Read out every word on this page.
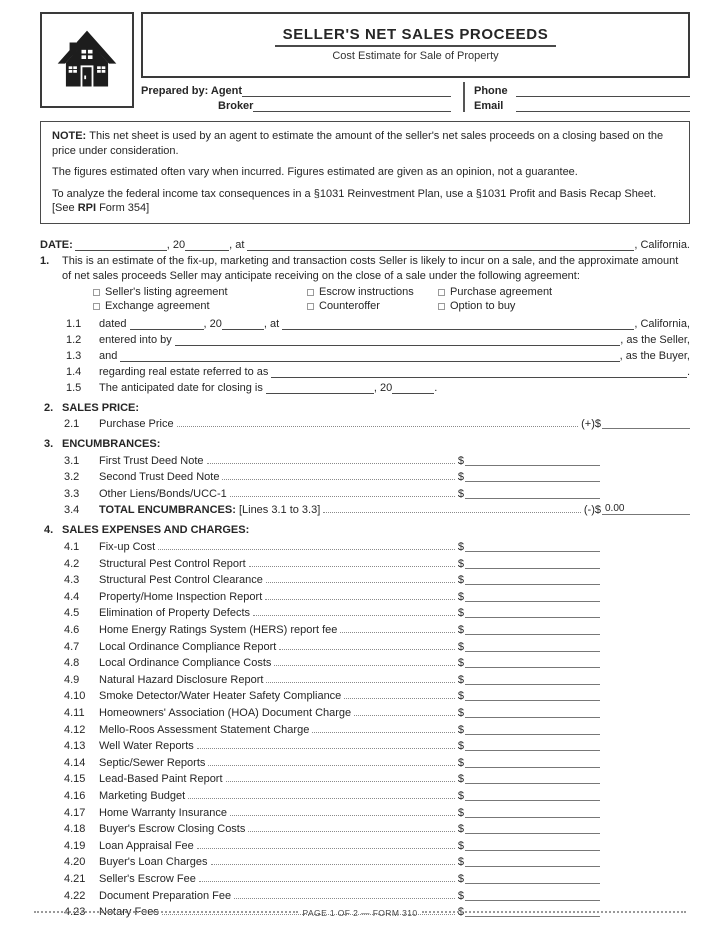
SELLER'S NET SALES PROCEEDS
Cost Estimate for Sale of Property
Prepared by: Agent
Broker
Phone
Email

NOTE: This net sheet is used by an agent to estimate the amount of the seller's net sales proceeds on a closing based on the price under consideration.

The figures estimated often vary when incurred. Figures estimated are given as an opinion, not a guarantee.

To analyze the federal income tax consequences in a §1031 Reinvestment Plan, use a §1031 Profit and Basis Recap Sheet. [See RPI Form 354]

DATE:	, 20	, at	, California.
1.	This is an estimate of the fix-up, marketing and transaction costs Seller is likely to incur on a sale, and the approximate amount of net sales proceeds Seller may anticipate receiving on the close of a sale under the following agreement:
Seller's listing agreement	Escrow instructions	Purchase agreement
Exchange agreement	Counteroffer	Option to buy
1.1	dated	, 20	, at	, California,
1.2	entered into by	, as the Seller,
1.3	and	, as the Buyer,
1.4	regarding real estate referred to as	.
1.5	The anticipated date for closing is	, 20	.
2. SALES PRICE:
2.1	Purchase Price	(+)$
3. ENCUMBRANCES:
3.1	First Trust Deed Note	$
3.2	Second Trust Deed Note	$
3.3	Other Liens/Bonds/UCC-1	$
3.4	TOTAL ENCUMBRANCES: [Lines 3.1 to 3.3]	(-)$ 0.00
4. SALES EXPENSES AND CHARGES:
4.1	Fix-up Cost	$
4.2	Structural Pest Control Report	$
4.3	Structural Pest Control Clearance	$
4.4	Property/Home Inspection Report	$
4.5	Elimination of Property Defects	$
4.6	Home Energy Ratings System (HERS) report fee	$
4.7	Local Ordinance Compliance Report	$
4.8	Local Ordinance Compliance Costs	$
4.9	Natural Hazard Disclosure Report	$
4.10	Smoke Detector/Water Heater Safety Compliance	$
4.11	Homeowners' Association (HOA) Document Charge	$
4.12	Mello-Roos Assessment Statement Charge	$
4.13	Well Water Reports	$
4.14	Septic/Sewer Reports	$
4.15	Lead-Based Paint Report	$
4.16	Marketing Budget	$
4.17	Home Warranty Insurance	$
4.18	Buyer's Escrow Closing Costs	$
4.19	Loan Appraisal Fee	$
4.20	Buyer's Loan Charges	$
4.21	Seller's Escrow Fee	$
4.22	Document Preparation Fee	$
4.23	Notary Fees	$
PAGE 1 OF 2 — FORM 310
